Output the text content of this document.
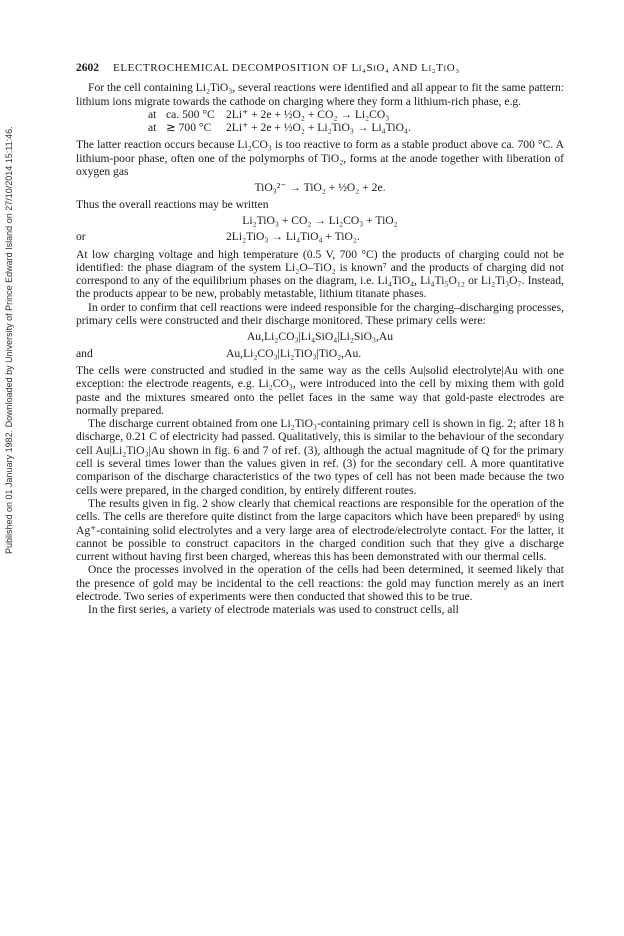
Published on 01 January 1982. Downloaded by University of Prince Edward Island on 27/10/2014 15:11:46.
2602 ELECTROCHEMICAL DECOMPOSITION OF Li₄SiO₄ AND Li₂TiO₃

For the cell containing Li₂TiO₃, several reactions were identified and all appear to fit the same pattern: lithium ions migrate towards the cathode on charging where they form a lithium-rich phase, e.g.

at ca. 500 °C 2Li⁺ + 2e + ½O₂ + CO₂ → Li₂CO₃
at ≳ 700 °C	2Li⁺ + 2e + ½O₂ + Li₂TiO₃ → Li₄TiO₄.

The latter reaction occurs because Li₂CO₃ is too reactive to form as a stable product above ca. 700 °C. A lithium-poor phase, often one of the polymorphs of TiO₂, forms at the anode together with liberation of oxygen gas

TiO₃²⁻ → TiO₂ + ½O₂ + 2e.

Thus the overall reactions may be written

Li₂TiO₃ + CO₂ → Li₂CO₃ + TiO₂
or	2Li₂TiO₃ → Li₄TiO₄ + TiO₂.

At low charging voltage and high temperature (0.5 V, 700 °C) the products of charging could not be identified: the phase diagram of the system Li₂O–TiO₂ is known⁷ and the products of charging did not correspond to any of the equilibrium phases on the diagram, i.e. Li₄TiO₄, Li₄Ti₅O₁₂ or Li₂Ti₃O₇. Instead, the products appear to be new, probably metastable, lithium titanate phases.

In order to confirm that cell reactions were indeed responsible for the charging–discharging processes, primary cells were constructed and their discharge monitored. These primary cells were:

Au,Li₂CO₃|Li₄SiO₄|Li₂SiO₃,Au
and	Au,Li₂CO₃|Li₂TiO₃|TiO₂,Au.

The cells were constructed and studied in the same way as the cells Au|solid electrolyte|Au with one exception: the electrode reagents, e.g. Li₂CO₃, were introduced into the cell by mixing them with gold paste and the mixtures smeared onto the pellet faces in the same way that gold-paste electrodes are normally prepared.

The discharge current obtained from one Li₂TiO₃-containing primary cell is shown in fig. 2; after 18 h discharge, 0.21 C of electricity had passed. Qualitatively, this is similar to the behaviour of the secondary cell Au|Li₂TiO₃|Au shown in fig. 6 and 7 of ref. (3), although the actual magnitude of Q for the primary cell is several times lower than the values given in ref. (3) for the secondary cell. A more quantitative comparison of the discharge characteristics of the two types of cell has not been made because the two cells were prepared, in the charged condition, by entirely different routes.

The results given in fig. 2 show clearly that chemical reactions are responsible for the operation of the cells. The cells are therefore quite distinct from the large capacitors which have been prepared⁶ by using Ag⁺-containing solid electrolytes and a very large area of electrode/electrolyte contact. For the latter, it cannot be possible to construct capacitors in the charged condition such that they give a discharge current without having first been charged, whereas this has been demonstrated with our thermal cells.

Once the processes involved in the operation of the cells had been determined, it seemed likely that the presence of gold may be incidental to the cell reactions: the gold may function merely as an inert electrode. Two series of experiments were then conducted that showed this to be true.

In the first series, a variety of electrode materials was used to construct cells, all
